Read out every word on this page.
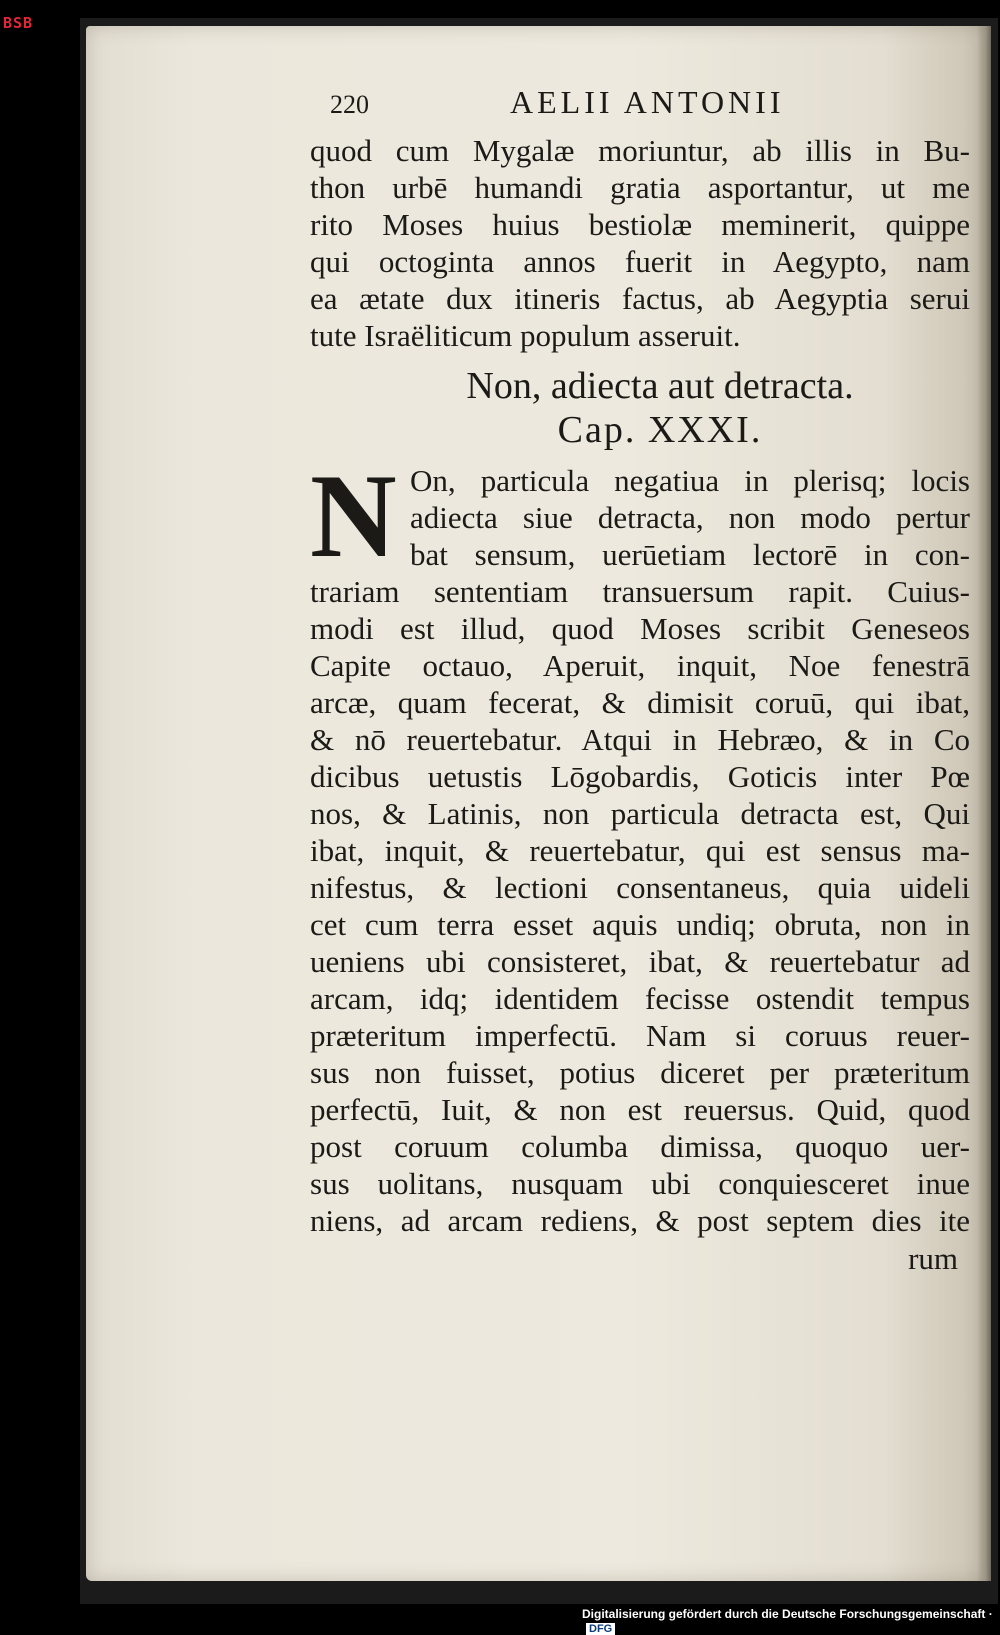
BSB
220	AELII ANTONII
quod cum Mygalæ moriuntur, ab illis in Bu-
thon urbē humandi gratia asportantur, ut me
rito Moses huius bestiolæ meminerit, quippe
qui octoginta annos fuerit in Aegypto, nam
ea ætate dux itineris factus, ab Aegyptia serui
tute Israëliticum populum asseruit.
Non, adiecta aut detracta.
Cap. XXXI.
N On, particula negatiua in plerisq; locis
adiecta siue detracta, non modo pertur
bat sensum, uerūetiam lectorē in con-
trariam sententiam transuersum rapit. Cuius-
modi est illud, quod Moses scribit Geneseos
Capite octauo, Aperuit, inquit, Noe fenestrā
arcæ, quam fecerat, & dimisit coruū, qui ibat,
& nō reuertebatur. Atqui in Hebræo, & in Co
dicibus uetustis Lōgobardis, Goticis inter Pœ
nos, & Latinis, non particula detracta est, Qui
ibat, inquit, & reuertebatur, qui est sensus ma-
nifestus, & lectioni consentaneus, quia uideli
cet cum terra esset aquis undiq; obruta, non in
ueniens ubi consisteret, ibat, & reuertebatur ad
arcam, idq; identidem fecisse ostendit tempus
præteritum imperfectū. Nam si coruus reuer-
sus non fuisset, potius diceret per præteritum
perfectū, Iuit, & non est reuersus. Quid, quod
post coruum columba dimissa, quoquo uer-
sus uolitans, nusquam ubi conquiesceret inue
niens, ad arcam rediens, & post septem dies ite
rum
Digitalisierung gefördert durch die Deutsche Forschungsgemeinschaft · DFG
